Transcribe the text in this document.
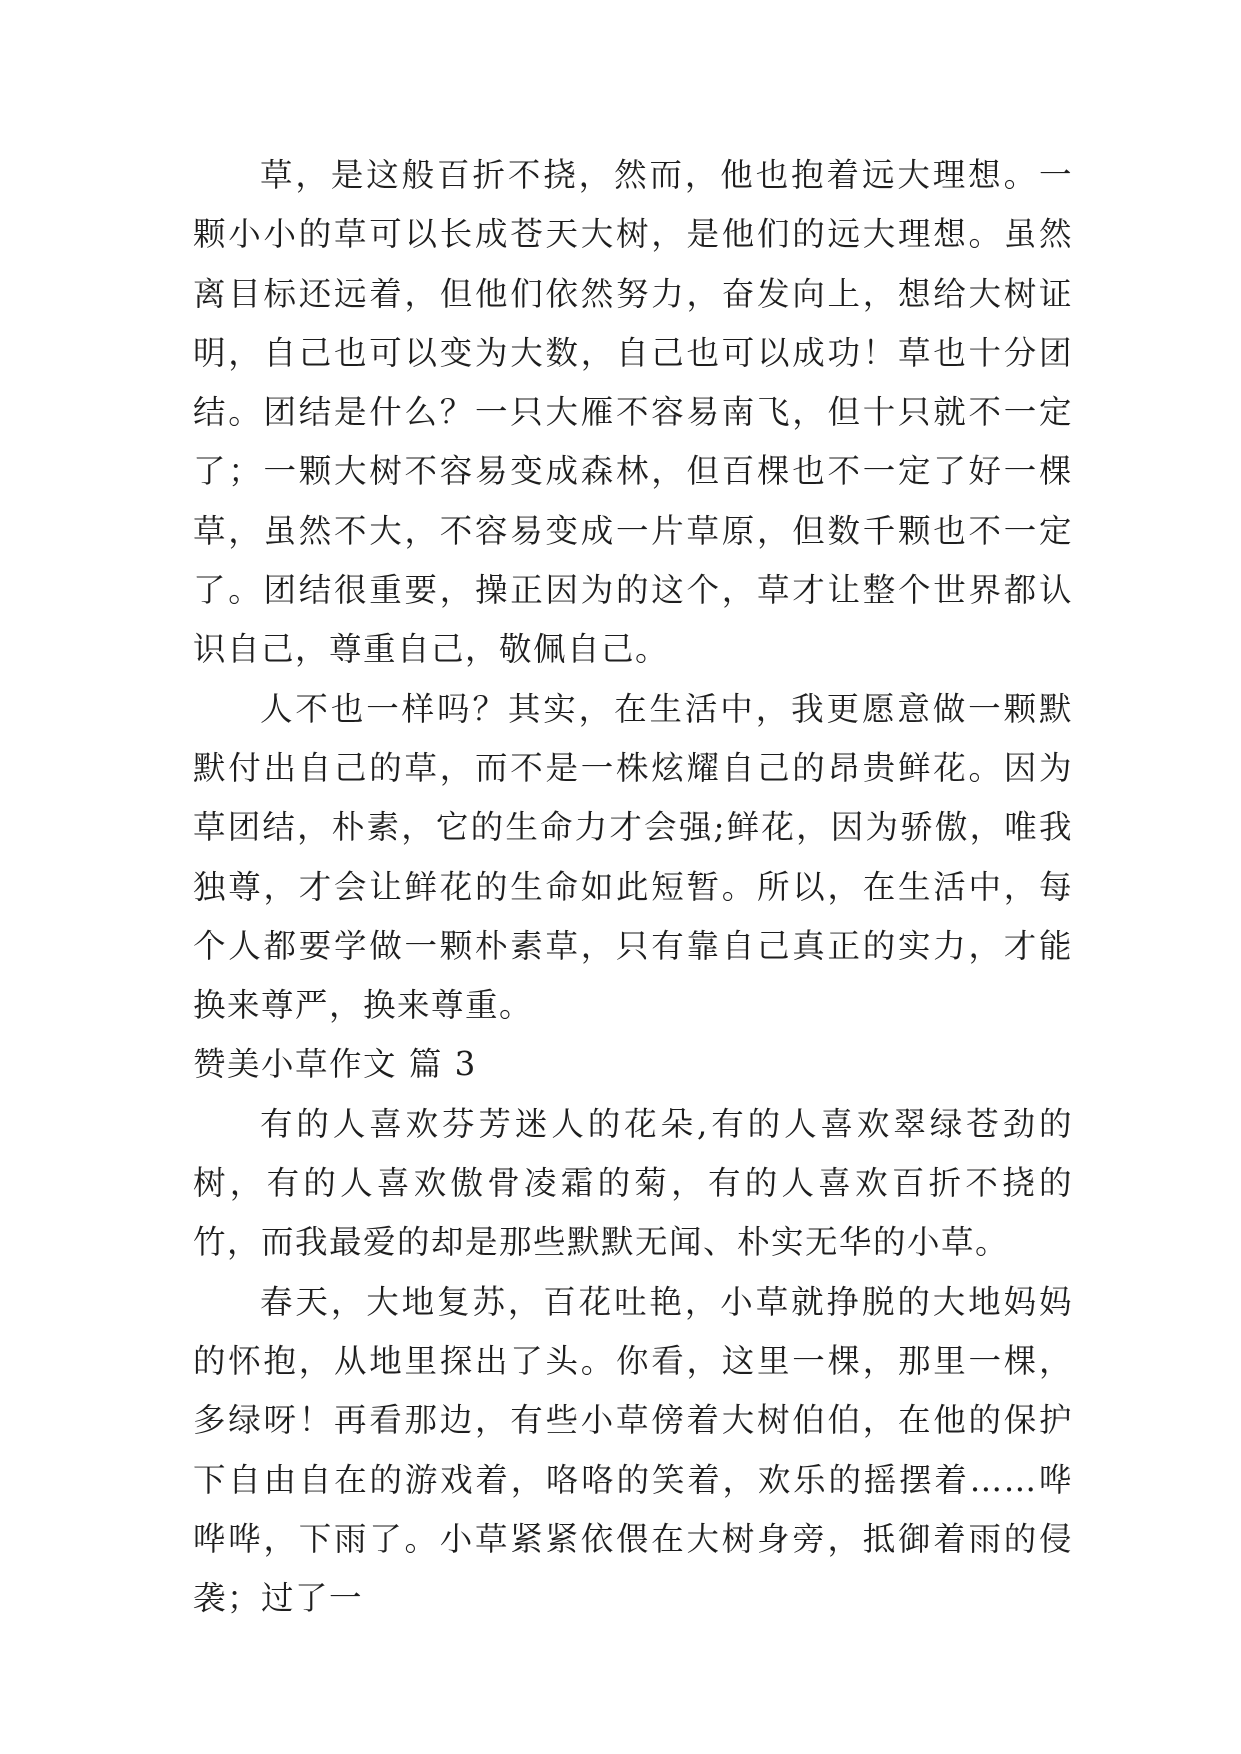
草，是这般百折不挠，然而，他也抱着远大理想。一颗小小的草可以长成苍天大树，是他们的远大理想。虽然离目标还远着，但他们依然努力，奋发向上，想给大树证明，自己也可以变为大数，自己也可以成功！草也十分团结。团结是什么？一只大雁不容易南飞，但十只就不一定了；一颗大树不容易变成森林，但百棵也不一定了好一棵草，虽然不大，不容易变成一片草原，但数千颗也不一定了。团结很重要，操正因为的这个，草才让整个世界都认识自己，尊重自己，敬佩自己。

人不也一样吗？其实，在生活中，我更愿意做一颗默默付出自己的草，而不是一株炫耀自己的昂贵鲜花。因为草团结，朴素，它的生命力才会强;鲜花，因为骄傲，唯我独尊，才会让鲜花的生命如此短暂。所以，在生活中，每个人都要学做一颗朴素草，只有靠自己真正的实力，才能换来尊严，换来尊重。

赞美小草作文 篇 3

有的人喜欢芬芳迷人的花朵,有的人喜欢翠绿苍劲的树，有的人喜欢傲骨凌霜的菊，有的人喜欢百折不挠的竹，而我最爱的却是那些默默无闻、朴实无华的小草。

春天，大地复苏，百花吐艳，小草就挣脱的大地妈妈的怀抱，从地里探出了头。你看，这里一棵，那里一棵，多绿呀！再看那边，有些小草傍着大树伯伯，在他的保护下自由自在的游戏着，咯咯的笑着，欢乐的摇摆着……哗哗哗，下雨了。小草紧紧依偎在大树身旁，抵御着雨的侵袭；过了一
